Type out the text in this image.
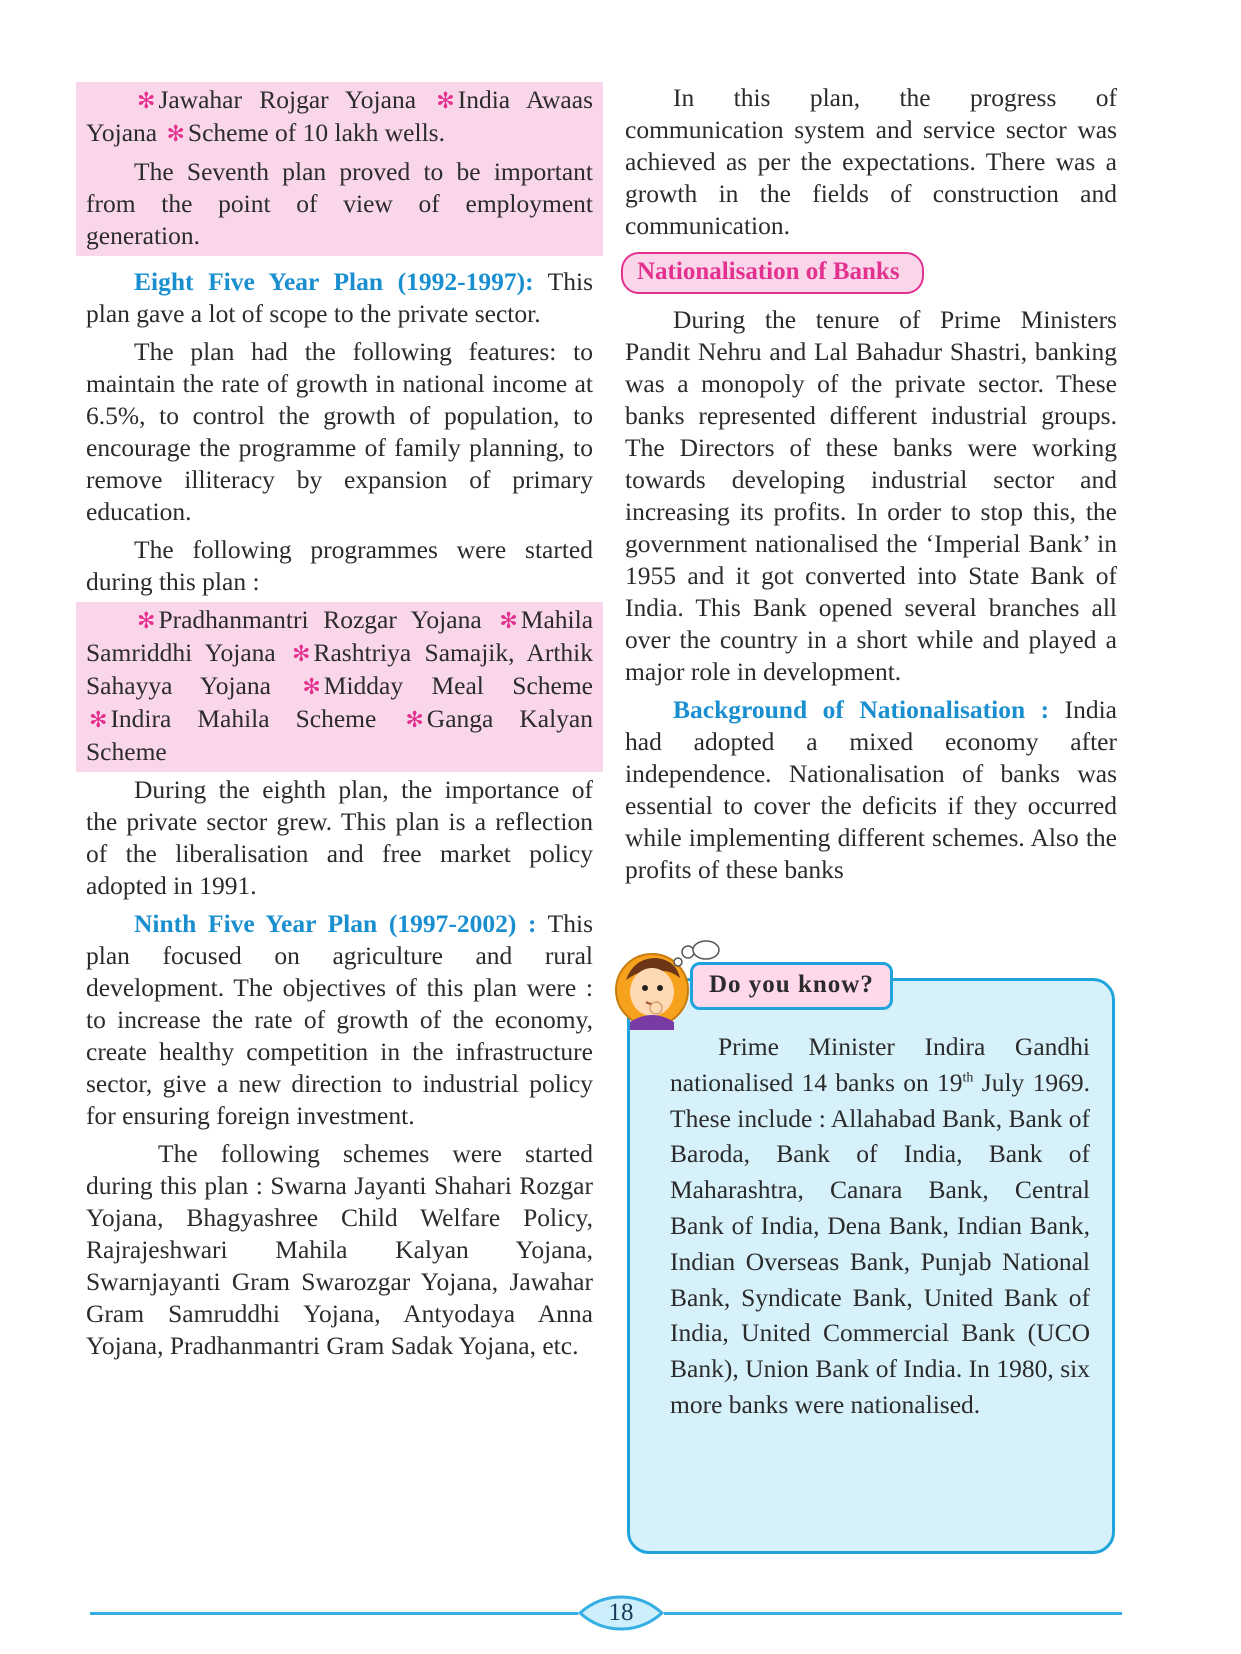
✻ Jawahar Rojgar Yojana ✻ India Awaas Yojana ✻ Scheme of 10 lakh wells.

The Seventh plan proved to be important from the point of view of employment generation.

Eight Five Year Plan (1992-1997): This plan gave a lot of scope to the private sector.

The plan had the following features: to maintain the rate of growth in national income at 6.5%, to control the growth of population, to encourage the programme of family planning, to remove illiteracy by expansion of primary education.

The following programmes were started during this plan :

✻ Pradhanmantri Rozgar Yojana ✻ Mahila Samriddhi Yojana ✻ Rashtriya Samajik, Arthik Sahayya Yojana ✻ Midday Meal Scheme ✻ Indira Mahila Scheme ✻ Ganga Kalyan Scheme

During the eighth plan, the importance of the private sector grew. This plan is a reflection of the liberalisation and free market policy adopted in 1991.

Ninth Five Year Plan (1997-2002) : This plan focused on agriculture and rural development. The objectives of this plan were : to increase the rate of growth of the economy, create healthy competition in the infrastructure sector, give a new direction to industrial policy for ensuring foreign investment.

The following schemes were started during this plan : Swarna Jayanti Shahari Rozgar Yojana, Bhagyashree Child Welfare Policy, Rajrajeshwari Mahila Kalyan Yojana, Swarnjayanti Gram Swarozgar Yojana, Jawahar Gram Samruddhi Yojana, Antyodaya Anna Yojana, Pradhanmantri Gram Sadak Yojana, etc.

In this plan, the progress of communication system and service sector was achieved as per the expectations. There was a growth in the fields of construction and communication.

Nationalisation of Banks

During the tenure of Prime Ministers Pandit Nehru and Lal Bahadur Shastri, banking was a monopoly of the private sector. These banks represented different industrial groups. The Directors of these banks were working towards developing industrial sector and increasing its profits. In order to stop this, the government nationalised the ‘Imperial Bank’ in 1955 and it got converted into State Bank of India. This Bank opened several branches all over the country in a short while and played a major role in development.

Background of Nationalisation : India had adopted a mixed economy after independence. Nationalisation of banks was essential to cover the deficits if they occurred while implementing different schemes. Also the profits of these banks

Prime Minister Indira Gandhi nationalised 14 banks on 19th July 1969. These include : Allahabad Bank, Bank of Baroda, Bank of India, Bank of Maharashtra, Canara Bank, Central Bank of India, Dena Bank, Indian Bank, Indian Overseas Bank, Punjab National Bank, Syndicate Bank, United Bank of India, United Commercial Bank (UCO Bank), Union Bank of India. In 1980, six more banks were nationalised.

Do you know?
18
